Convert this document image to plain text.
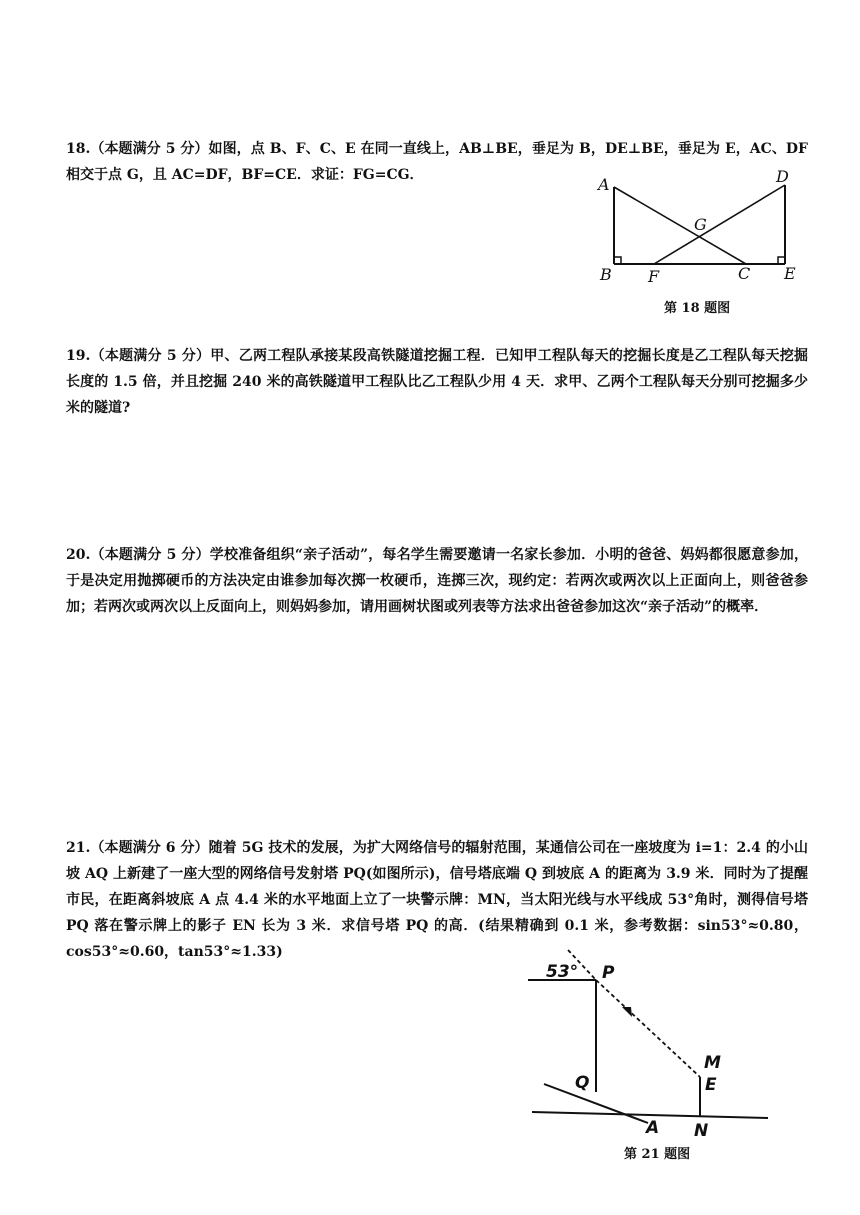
18.（本题满分 5 分）如图，点 B、F、C、E 在同一直线上，AB⊥BE，垂足为 B，DE⊥BE，垂足为 E，AC、DF 相交于点 G，且 AC=DF，BF=CE．求证：FG=CG．	A	D
G
B F	C E
第 18 题图

19.（本题满分 5 分）甲、乙两工程队承接某段高铁隧道挖掘工程．已知甲工程队每天的挖掘长度是乙工程队每天挖掘长度的 1.5 倍，并且挖掘 240 米的高铁隧道甲工程队比乙工程队少用 4 天．求甲、乙两个工程队每天分别可挖掘多少米的隧道?

20.（本题满分 5 分）学校准备组织“亲子活动”，每名学生需要邀请一名家长参加．小明的爸爸、妈妈都很愿意参加，于是决定用抛掷硬币的方法决定由谁参加每次掷一枚硬币，连掷三次，现约定：若两次或两次以上正面向上，则爸爸参加；若两次或两次以上反面向上，则妈妈参加，请用画树状图或列表等方法求出爸爸参加这次“亲子活动”的概率．

21.（本题满分 6 分）随着 5G 技术的发展，为扩大网络信号的辐射范围，某通信公司在一座坡度为 i=1：2.4 的小山坡 AQ 上新建了一座大型的网络信号发射塔 PQ(如图所示)，信号塔底端 Q 到坡底 A 的距离为 3.9 米．同时为了提醒市民，在距离斜坡底 A 点 4.4 米的水平地面上立了一块警示牌：MN，当太阳光线与水平线成 53°角时，测得信号塔 PQ 落在警示牌上的影子 EN 长为 3 米．求信号塔 PQ 的高．(结果精确到 0.1 米，参考数据：sin53°≈0.80，cos53°≈0.60，tan53°≈1.33)

53° P
Q
A
M
E
N
第 21 题图
